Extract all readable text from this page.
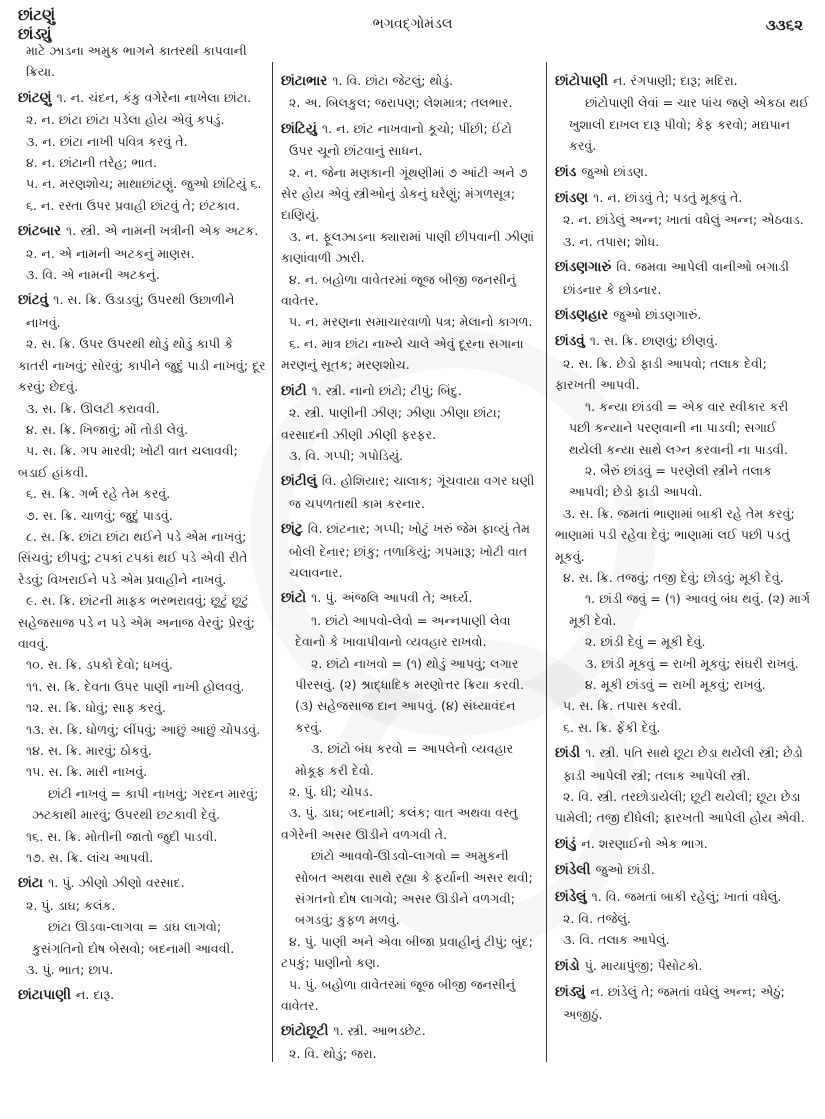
છાંટણું
છાંડ્યું
ભગવદ્ગોમંડલ	૩૩૬૨

માટે ઝાડના અમુક ભાગને કાતરથી કાપવાની ક્રિયા.

છાંટણું ૧. ન. ચંદન, કંકુ વગેરેના નાખેલા છાંટા.

૨. ન. છાંટા છાંટા પડેલા હોય એવું કપડું.

૩. ન. છાંટા નાખી પવિત્ર કરવું તે.

૪. ન. છાંટાની તરેહ; ભાત.

૫. ન. મરણશોચ; માથાછાંટણું. જુઓ છાંટિયું ૬.

૬. ન. રસ્તા ઉપર પ્રવાહી છાંટવું તે; છંટકાવ.

છાંટબાર ૧. સ્ત્રી. એ નામની ખત્રીની એક અટક.

૨. ન. એ નામની અટકનું માણસ.

૩. વિ. એ નામની અટકનું.

છાંટવું ૧. સ. ક્રિ. ઉડાડવું; ઉપરથી ઉછાળીને નાખવું.

૨. સ. ક્રિ. ઉપર ઉપરથી થોડું થોડું કાપી કે કાતરી નાખવું; સોરવું; કાપીને જુદું પાડી નાખવું; દૂર કરવું; છેદવું.

૩. સ. ક્રિ. ઊલટી કરાવવી.

૪. સ. ક્રિ. ખિજાવું; મોં તોડી લેવું.

૫. સ. ક્રિ. ગપ મારવી; ખોટી વાત ચલાવવી; બડાઈ હાંકવી.

૬. સ. ક્રિ. ગર્ભ રહે તેમ કરવું.

૭. સ. ક્રિ. ચાળવું; જુદું પાડવું.

૮. સ. ક્રિ. છાંટા છાંટા થઈને પડે એમ નાખવું; સિંચવું; છીપવું; ટપકાં ટપકાં થઈ પડે એવી રીતે રેડવું; વિખરાઈને પડે એમ પ્રવાહીને નાખવું.

૯. સ. ક્રિ. છાંટની માફક ભરભરાવવું; છૂટું છૂટું સહેજસાજ પડે ન પડે એમ અનાજ વેરવું; પ્રેરવું; વાવવું.

૧૦. સ. ક્રિ. ડપકો દેવો; ધખવું.

૧૧. સ. ક્રિ. દેવતા ઉપર પાણી નાખી હોલવવું.

૧૨. સ. ક્રિ. ધોવું; સાફ કરવું.

૧૩. સ. ક્રિ. ધોળવું; લીંપવું; આછું આછું ચોપડવું.

૧૪. સ. ક્રિ. મારવું; ઠોકવું.

૧૫. સ. ક્રિ. મારી નાખવું.

છાંટી નાખવું = કાપી નાખવું; ગરદન મારવું; ઝટકાથી મારવું; ઉપરથી છટકાવી દેવું.

૧૬. સ. ક્રિ. મોતીની જાતો જુદી પાડવી.

૧૭. સ. ક્રિ. લાંચ આપવી.

છાંટા ૧. પું. ઝીણો ઝીણો વરસાદ.

૨. પું. ડાઘ; કલંક.

છાંટા ઊડવા-લાગવા = ડાઘ લાગવો; કુસંગતિનો દોષ બેસવો; બદનામી આવવી.

૩. પું. ભાત; છાપ.

છાંટાપાણી ન. દારૂ.

છાંટાભાર ૧. વિ. છાંટા જેટલું; થોડું.

૨. અ. બિલકુલ; જરાપણ; લેશમાત્ર; તલભાર.

છાંટિયું ૧. ન. છાંટ નાખવાનો કૂચો; પીંછી; ઈંટો ઉપર ચૂનો છાંટવાનું સાધન.

૨. ન. જેના મણકાની ગૂંથણીમાં ૭ આંટી અને ૭ સેર હોય એવું સ્ત્રીઓનું ડોકનું ઘરેણું; મંગળસૂત્ર; દાણિયું.

૩. ન. ફૂલઝાડના ક્યારામાં પાણી છીપવાની ઝીણાં કાણાંવાળી ઝારી.

૪. ન. બહોળા વાવેતરમાં જૂજ બીજી જનસીનું વાવેતર.

૫. ન. મરણના સમાચારવાળો પત્ર; મેલાનો કાગળ.

૬. ન. માત્ર છાંટા નાખ્યે ચાલે એવું દૂરના સગાના મરણનું સૂતક; મરણશોચ.

છાંટી ૧. સ્ત્રી. નાનો છાંટો; ટીપું; બિંદુ.

૨. સ્ત્રી. પાણીની ઝીણ; ઝીણા ઝીણા છાંટા; વરસાદની ઝીણી ઝીણી ફરફર.

૩. વિ. ગપ્પી; ગપોડિયું.

છાંટીલું વિ. હોશિયાર; ચાલાક; ગૂંચવાયા વગર ઘણી જ ચપળતાથી કામ કરનાર.

છાંટુ વિ. છાંટનાર; ગપ્પી; ખોટું ખરું જેમ ફાવ્યું તેમ બોલી દેનાર; છાંકુ; તળાકિયું; ગપમારૂ; ખોટી વાત ચલાવનાર.

છાંટો ૧. પું. અંજલિ આપવી તે; અર્ઘ્ય.

૧. છાંટો આપવો-લેવો = અન્નપાણી લેવા દેવાનો કે ખાવાપીવાનો વ્યવહાર રાખવો.

૨. છાંટો નાખવો = (૧) થોડું આપવું; લગાર પીરસવું. (૨) શ્રાદ્ધાદિક મરણોત્તર ક્રિયા કરવી. (૩) સહેજસાજ દાન આપવું. (૪) સંધ્યાવંદન કરવું.

૩. છાંટો બંધ કરવો = આપલેનો વ્યવહાર મોકૂફ કરી દેવો.

૨. પું. ઘી; ચોપડ.

૩. પું. ડાઘ; બદનામી; કલંક; વાત અથવા વસ્તુ વગેરેની અસર ઊડીને વળગવી તે.

છાંટો આવવો-ઊડવો-લાગવો = અમુકની સોબત અથવા સાથે રહ્યા કે ફર્યાની અસર થવી; સંગતનો દોષ લાગવો; અસર ઊડીને વળગવી; બગડવું; કુફળ મળવું.

૪. પું. પાણી અને એવા બીજા પ્રવાહીનું ટીપું; બુંદ; ટપકું; પાણીનો કણ.

૫. પું. બહોળા વાવેતરમાં જૂજ બીજી જનસીનું વાવેતર.

છાંટોછૂટી ૧. સ્ત્રી. આભડછેટ.

૨. વિ. થોડું; જરા.

છાંટોપાણી ન. રંગપાણી; દારૂ; મદિરા.

છાંટોપાણી લેવાં = ચાર પાંચ જણે એકઠા થઈ ખુશાલી દાખલ દારૂ પીવો; કેફ કરવો; મદ્યપાન કરવું.

છાંડ જુઓ છાંડણ.

છાંડણ ૧. ન. છાંડવું તે; પડતું મૂકવું તે.

૨. ન. છાંડેલું અન્ન; ખાતાં વધેલું અન્ન; એઠવાડ.

૩. ન. તપાસ; શોધ.

છાંડણગારું વિ. જમવા આપેલી વાનીઓ બગાડી છાંડનાર કે છોડનાર.

છાંડણહાર જુઓ છાંડણગારું.

છાંડવું ૧. સ. ક્રિ. છાણવું; છીણવું.

૨. સ. ક્રિ. છેડો ફાડી આપવો; તલાક દેવી; ફારખતી આપવી.

૧. કન્યા છાંડવી = એક વાર સ્વીકાર કરી પછી કન્યાને પરણવાની ના પાડવી; સગાઈ થયેલી કન્યા સાથે લગ્ન કરવાની ના પાડવી.

૨. બૈરું છાંડવું = પરણેલી સ્ત્રીને તલાક આપવી; છેડો ફાડી આપવો.

૩. સ. ક્રિ. જમતાં ભાણામાં બાકી રહે તેમ કરવું; ભાણામાં પડી રહેવા દેવું; ભાણામાં લઈ પછી પડતું મૂકવું.

૪. સ. ક્રિ. તજવું; તજી દેવું; છોડવું; મૂકી દેવું.

૧. છાંડી જવું = (૧) આવવું બંધ થવું. (૨) માર્ગ મૂકી દેવો.

૨. છાંડી દેવું = મૂકી દેવું.

૩. છાંડી મૂકવું = રાખી મૂકવું; સંઘરી રાખવું.

૪. મૂકી છાંડવું = રાખી મૂકવું; રાખવું.

૫. સ. ક્રિ. તપાસ કરવી.

૬. સ. ક્રિ. ફેંકી દેવું.

છાંડી ૧. સ્ત્રી. પતિ સાથે છૂટા છેડા થયેલી સ્ત્રી; છેડો ફાડી આપેલી સ્ત્રી; તલાક આપેલી સ્ત્રી.

૨. વિ. સ્ત્રી. તરછોડાયેલી; છૂટી થયેલી; છૂટા છેડા પામેલી; તજી દીધેલી; ફારખતી આપેલી હોય એવી.

છાંડું ન. શરણાઈનો એક ભાગ.

છાંડેલી જુઓ છાંડી.

છાંડેલું ૧. વિ. જમતાં બાકી રહેલું; ખાતાં વધેલું.

૨. વિ. તજેલું.

૩. વિ. તલાક આપેલું.

છાંડો પું. માયાપુંજી; પૈસોટકો.

છાંડ્યું ન. છાંડેલું તે; જમતાં વધેલું અન્ન; એઠું; અજીઠું.
